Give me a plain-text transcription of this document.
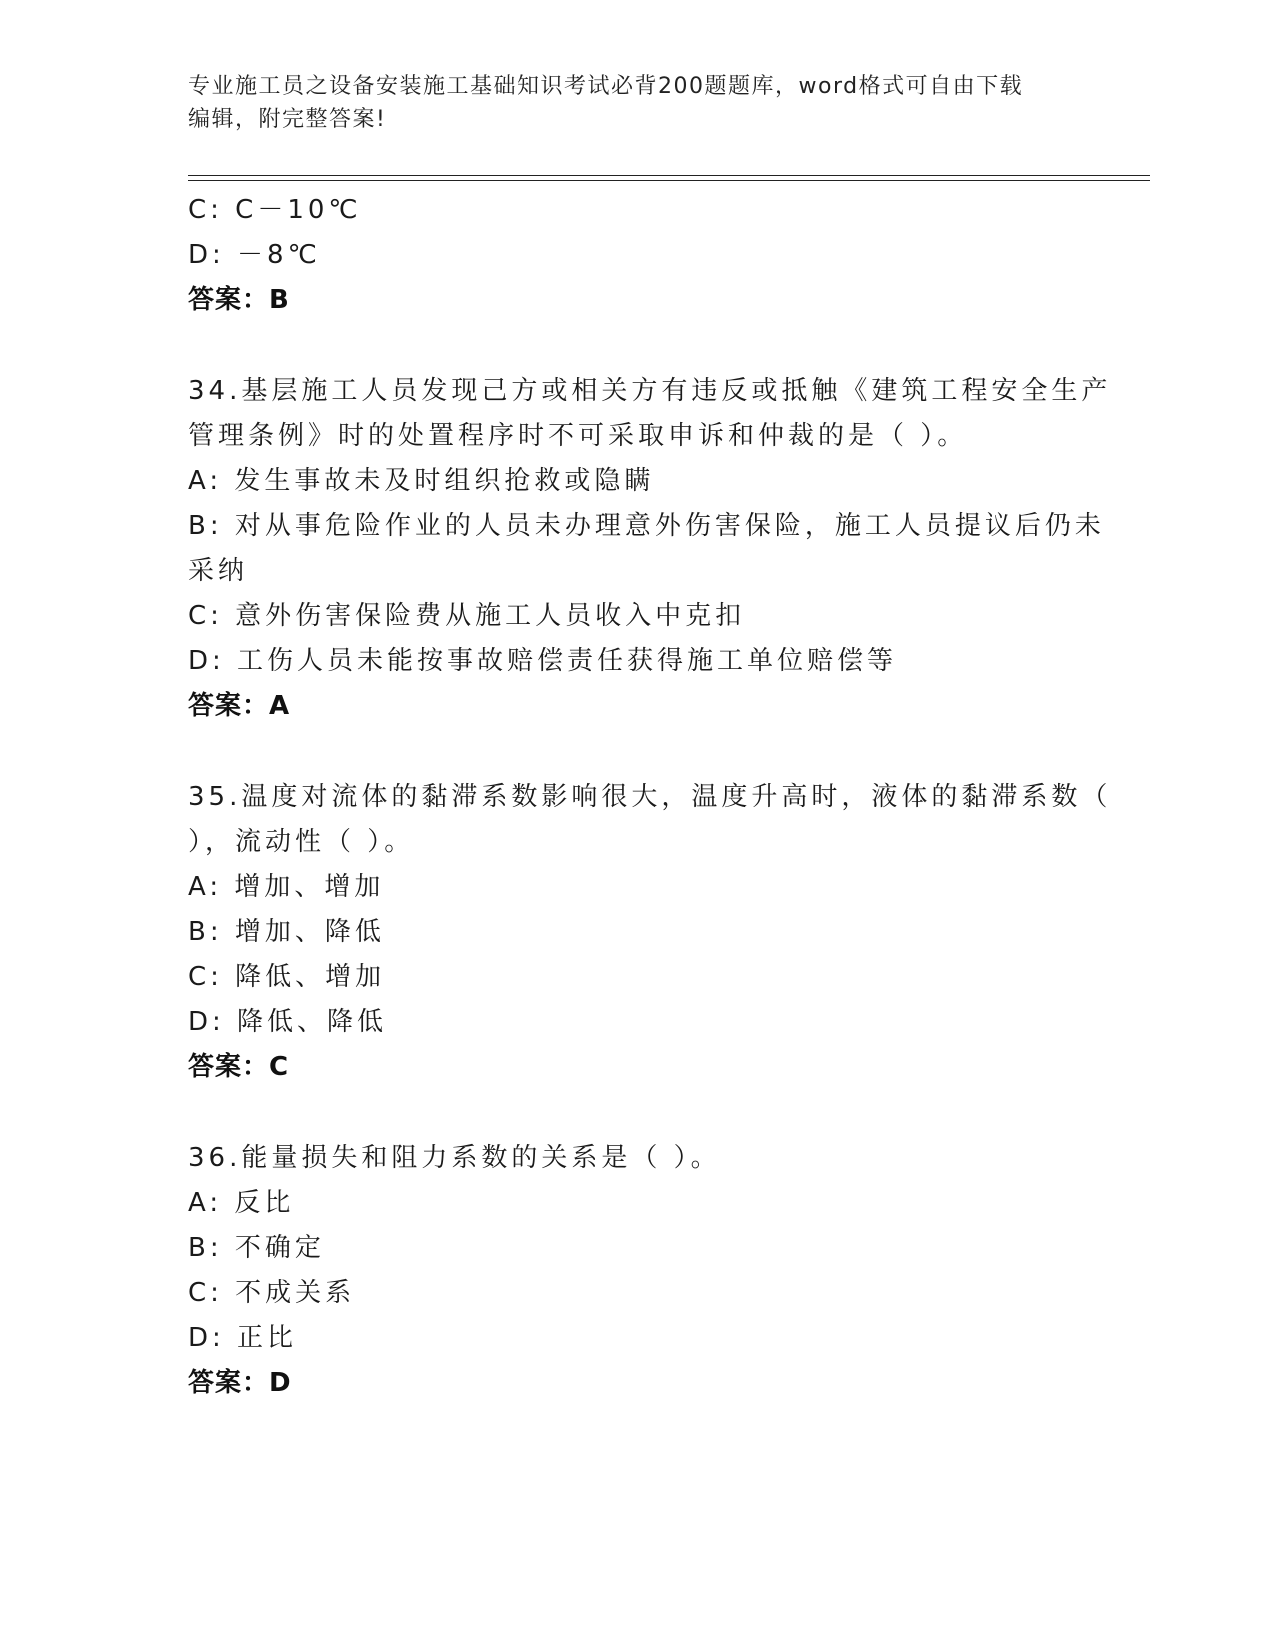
专业施工员之设备安装施工基础知识考试必背200题题库，word格式可自由下载
编辑，附完整答案!
C: C－10℃
D: －8℃
答案：B
34.基层施工人员发现己方或相关方有违反或抵触《建筑工程安全生产
管理条例》时的处置程序时不可采取申诉和仲裁的是（ ）。
A: 发生事故未及时组织抢救或隐瞒
B: 对从事危险作业的人员未办理意外伤害保险，施工人员提议后仍未
采纳
C: 意外伤害保险费从施工人员收入中克扣
D: 工伤人员未能按事故赔偿责任获得施工单位赔偿等
答案：A
35.温度对流体的黏滞系数影响很大，温度升高时，液体的黏滞系数（
），流动性（ ）。
A: 增加、增加
B: 增加、降低
C: 降低、增加
D: 降低、降低
答案：C
36.能量损失和阻力系数的关系是（ ）。
A: 反比
B: 不确定
C: 不成关系
D: 正比
答案：D
